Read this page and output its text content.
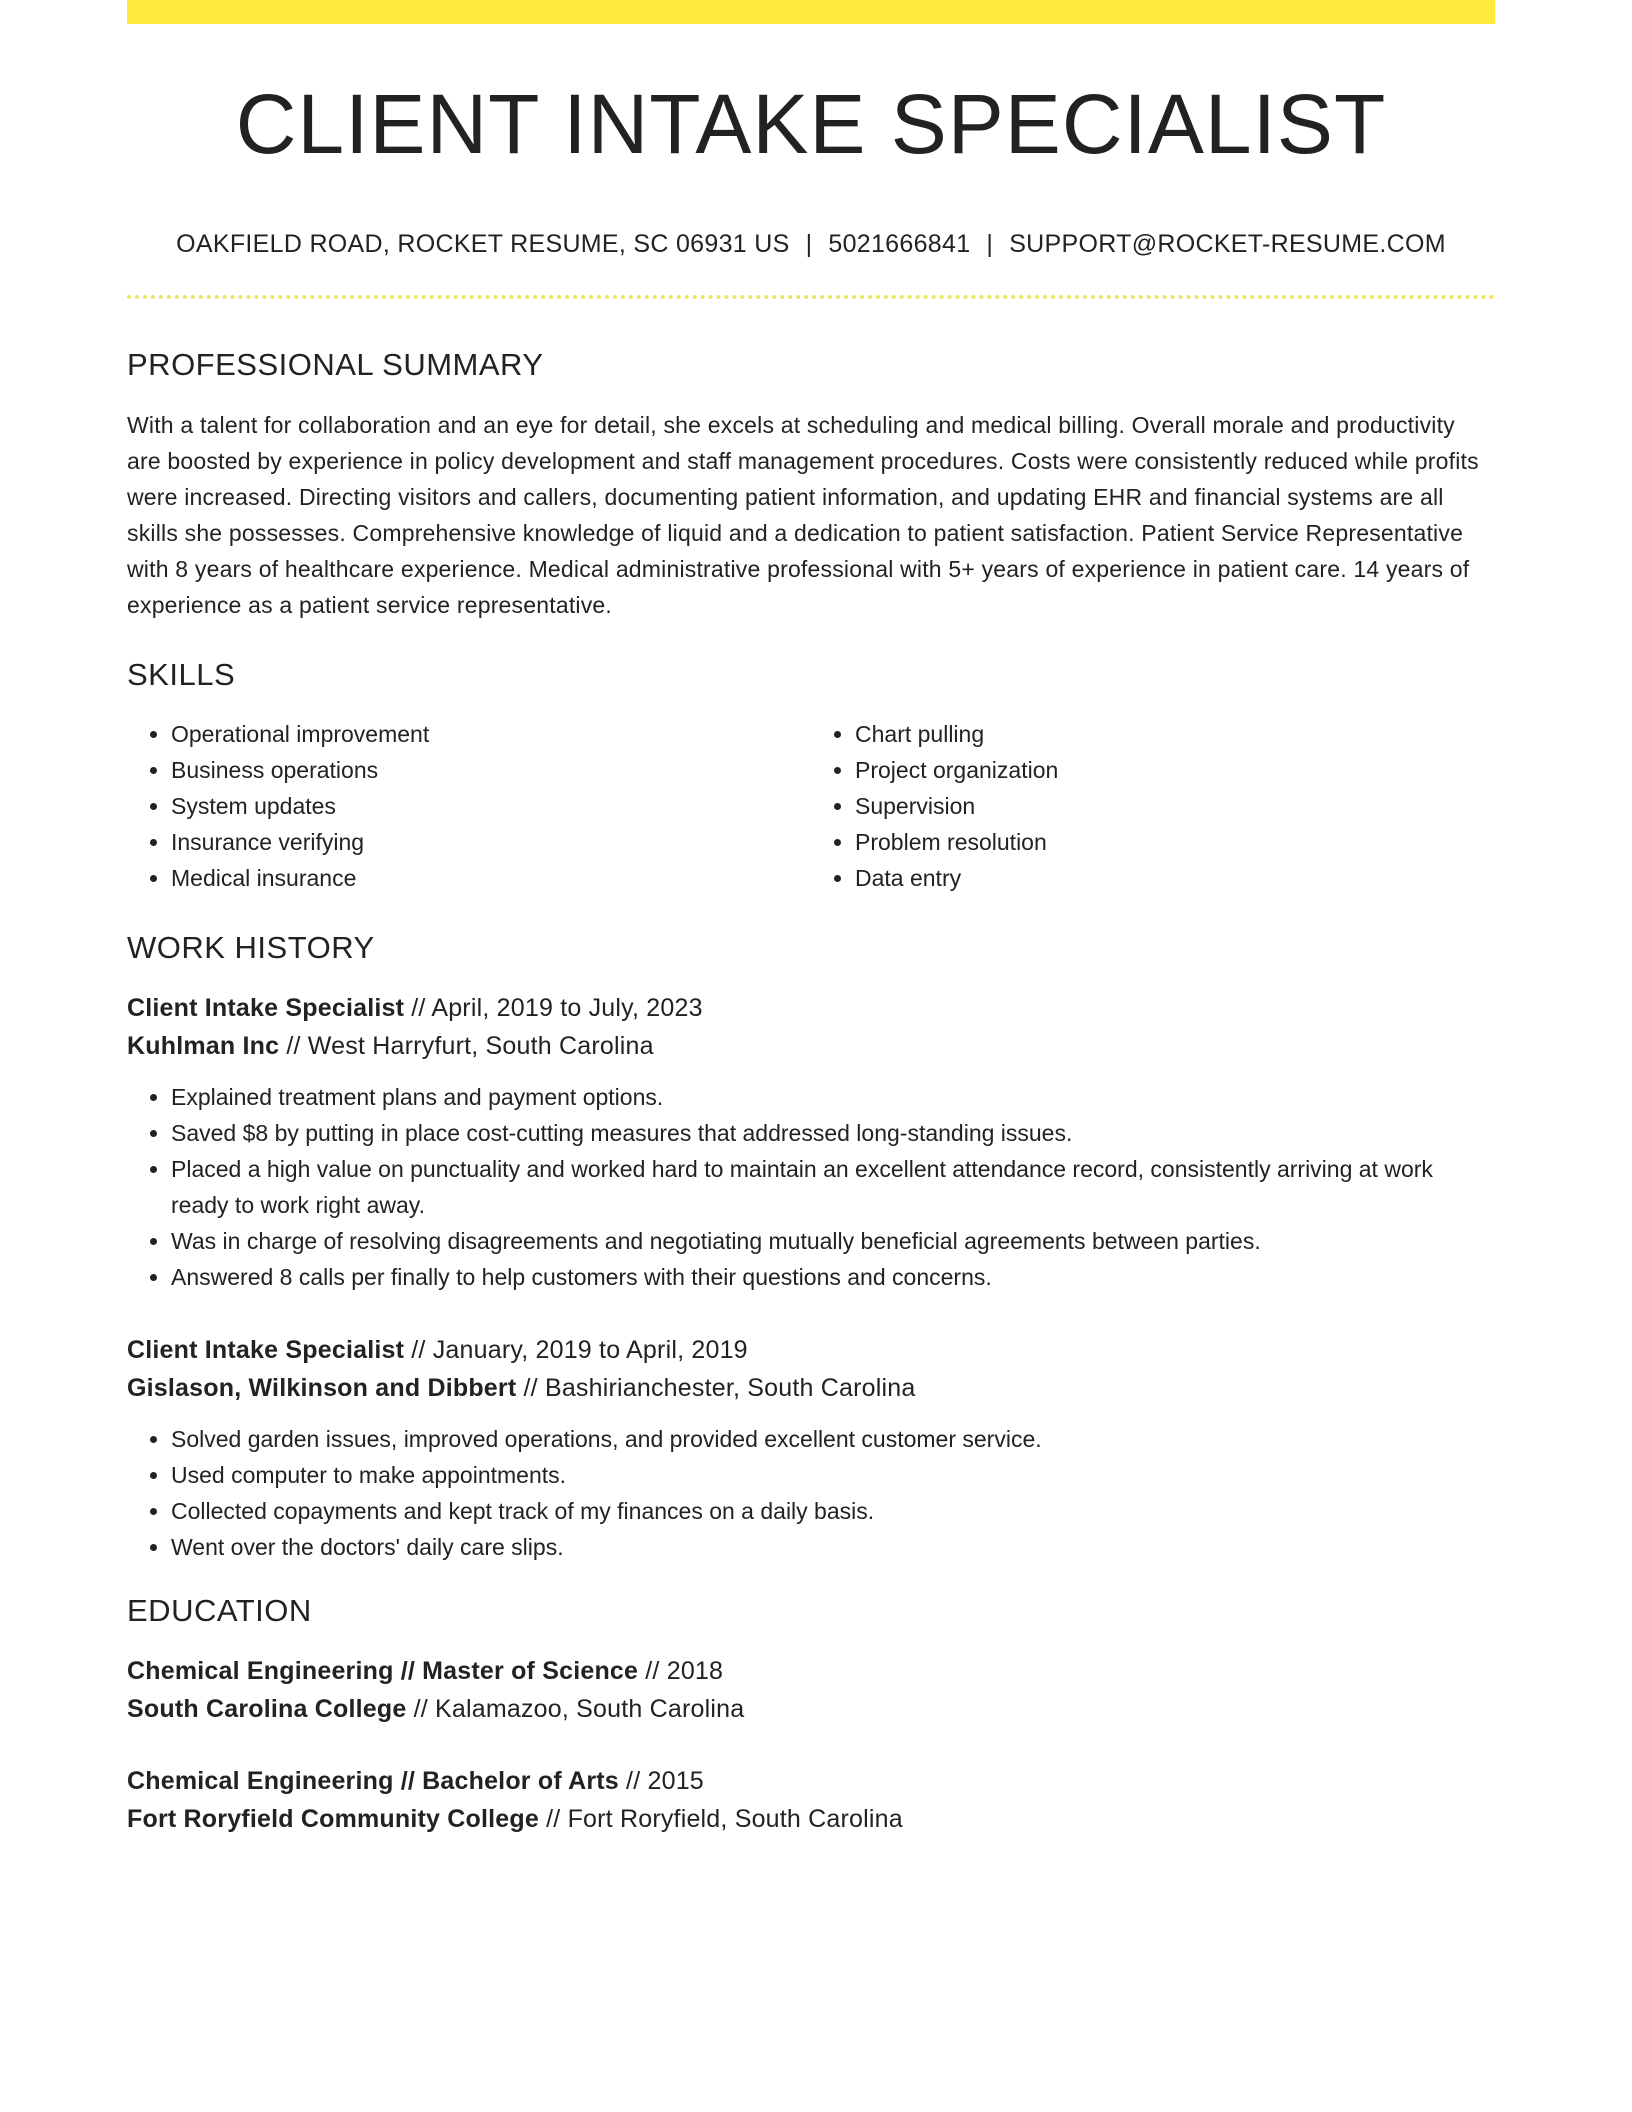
CLIENT INTAKE SPECIALIST
OAKFIELD ROAD, ROCKET RESUME, SC 06931 US | 5021666841 | SUPPORT@ROCKET-RESUME.COM
PROFESSIONAL SUMMARY

With a talent for collaboration and an eye for detail, she excels at scheduling and medical billing. Overall morale and productivity are boosted by experience in policy development and staff management procedures. Costs were consistently reduced while profits were increased. Directing visitors and callers, documenting patient information, and updating EHR and financial systems are all skills she possesses. Comprehensive knowledge of liquid and a dedication to patient satisfaction. Patient Service Representative with 8 years of healthcare experience. Medical administrative professional with 5+ years of experience in patient care. 14 years of experience as a patient service representative.

SKILLS
• Operational improvement
• Business operations
• System updates
• Insurance verifying
• Medical insurance
• Chart pulling
• Project organization
• Supervision
• Problem resolution
• Data entry
WORK HISTORY
Client Intake Specialist // April, 2019 to July, 2023
Kuhlman Inc // West Harryfurt, South Carolina
• Explained treatment plans and payment options.
• Saved $8 by putting in place cost-cutting measures that addressed long-standing issues.
• Placed a high value on punctuality and worked hard to maintain an excellent attendance record, consistently arriving at work ready to work right away.
• Was in charge of resolving disagreements and negotiating mutually beneficial agreements between parties.
• Answered 8 calls per finally to help customers with their questions and concerns.
Client Intake Specialist // January, 2019 to April, 2019
Gislason, Wilkinson and Dibbert // Bashirianchester, South Carolina
• Solved garden issues, improved operations, and provided excellent customer service.
• Used computer to make appointments.
• Collected copayments and kept track of my finances on a daily basis.
• Went over the doctors' daily care slips.
EDUCATION
Chemical Engineering // Master of Science // 2018
South Carolina College // Kalamazoo, South Carolina
Chemical Engineering // Bachelor of Arts // 2015
Fort Roryfield Community College // Fort Roryfield, South Carolina
